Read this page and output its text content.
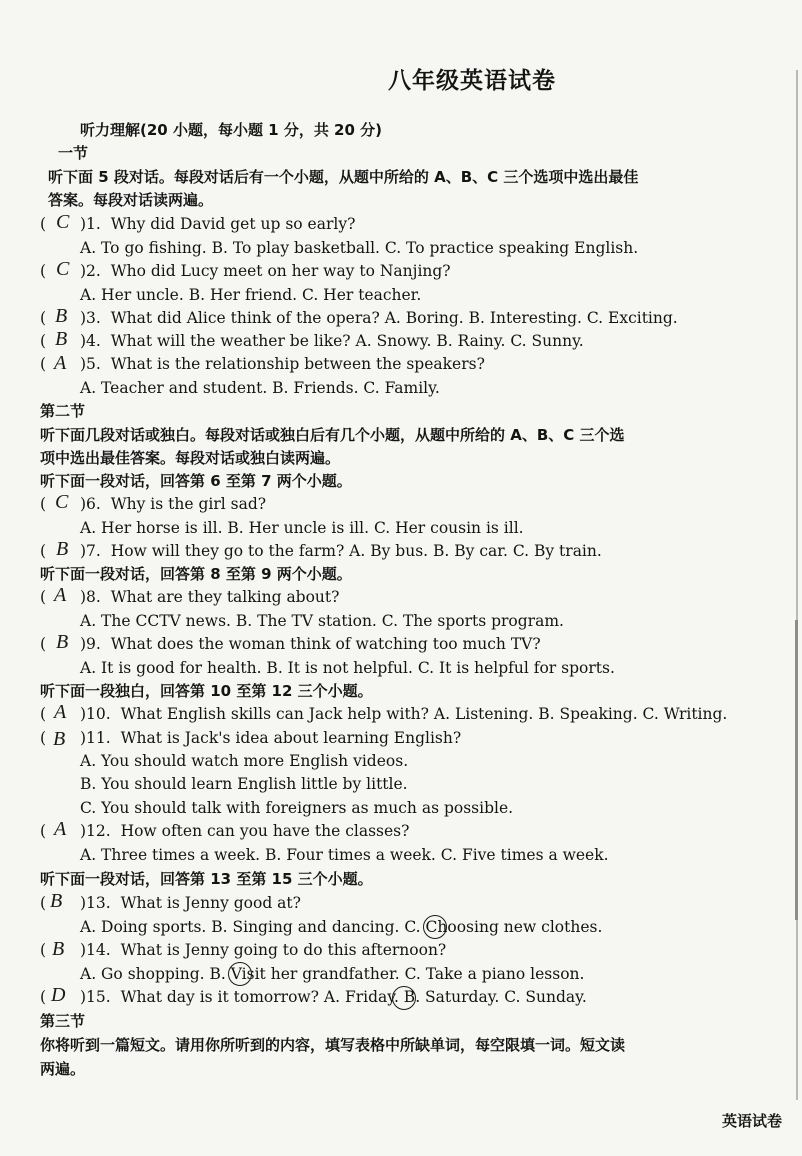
八年级英语试卷
听力理解(20 小题，每小题 1 分，共 20 分)
一节
听下面 5 段对话。每段对话后有一个小题，从题中所给的 A、B、C 三个选项中选出最佳
答案。每段对话读两遍。
( )1. Why did David get up so early?
A. To go fishing. B. To play basketball. C. To practice speaking English.
( )2. Who did Lucy meet on her way to Nanjing?
A. Her uncle. B. Her friend. C. Her teacher.
( )3. What did Alice think of the opera? A. Boring. B. Interesting. C. Exciting.
( )4. What will the weather be like? A. Snowy. B. Rainy. C. Sunny.
( )5. What is the relationship between the speakers?
A. Teacher and student. B. Friends. C. Family.
第二节
听下面几段对话或独白。每段对话或独白后有几个小题，从题中所给的 A、B、C 三个选
项中选出最佳答案。每段对话或独白读两遍。
听下面一段对话，回答第 6 至第 7 两个小题。
( )6. Why is the girl sad?
A. Her horse is ill. B. Her uncle is ill. C. Her cousin is ill.
( )7. How will they go to the farm? A. By bus. B. By car. C. By train.
听下面一段对话，回答第 8 至第 9 两个小题。
( )8. What are they talking about?
A. The CCTV news. B. The TV station. C. The sports program.
( )9. What does the woman think of watching too much TV?
A. It is good for health. B. It is not helpful. C. It is helpful for sports.
听下面一段独白，回答第 10 至第 12 三个小题。
( )10. What English skills can Jack help with? A. Listening. B. Speaking. C. Writing.
( )11. What is Jack's idea about learning English?
A. You should watch more English videos.
B. You should learn English little by little.
C. You should talk with foreigners as much as possible.
( )12. How often can you have the classes?
A. Three times a week. B. Four times a week. C. Five times a week.
听下面一段对话，回答第 13 至第 15 三个小题。
( )13. What is Jenny good at?
A. Doing sports. B. Singing and dancing. C. Choosing new clothes.
( )14. What is Jenny going to do this afternoon?
A. Go shopping. B. Visit her grandfather. C. Take a piano lesson.
( )15. What day is it tomorrow? A. Friday. B. Saturday. C. Sunday.
第三节
你将听到一篇短文。请用你所听到的内容，填写表格中所缺单词，每空限填一词。短文读
两遍。
C
C
B
B
A
C
B
A
B
A
B
A
B
B
D
英语试卷
